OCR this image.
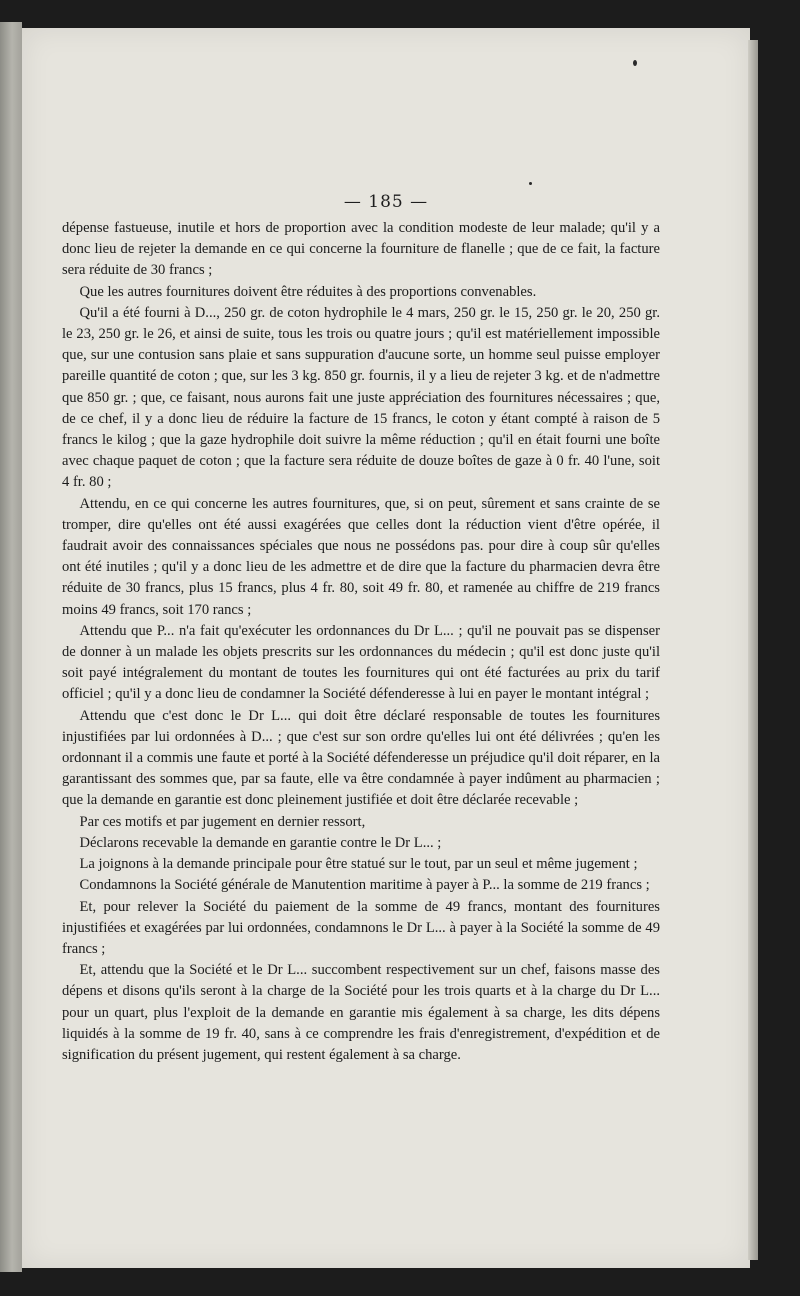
— 185 —

dépense fastueuse, inutile et hors de proportion avec la condition modeste de leur malade; qu'il y a donc lieu de rejeter la demande en ce qui concerne la fourniture de flanelle ; que de ce fait, la facture sera réduite de 30 francs ;

Que les autres fournitures doivent être réduites à des proportions convenables.

Qu'il a été fourni à D..., 250 gr. de coton hydrophile le 4 mars, 250 gr. le 15, 250 gr. le 20, 250 gr. le 23, 250 gr. le 26, et ainsi de suite, tous les trois ou quatre jours ; qu'il est matériellement impossible que, sur une contusion sans plaie et sans suppuration d'aucune sorte, un homme seul puisse employer pareille quantité de coton ; que, sur les 3 kg. 850 gr. fournis, il y a lieu de rejeter 3 kg. et de n'admettre que 850 gr. ; que, ce faisant, nous aurons fait une juste appréciation des fournitures nécessaires ; que, de ce chef, il y a donc lieu de réduire la facture de 15 francs, le coton y étant compté à raison de 5 francs le kilog ; que la gaze hydrophile doit suivre la même réduction ; qu'il en était fourni une boîte avec chaque paquet de coton ; que la facture sera réduite de douze boîtes de gaze à 0 fr. 40 l'une, soit 4 fr. 80 ;

Attendu, en ce qui concerne les autres fournitures, que, si on peut, sûrement et sans crainte de se tromper, dire qu'elles ont été aussi exagérées que celles dont la réduction vient d'être opérée, il faudrait avoir des connaissances spéciales que nous ne possédons pas. pour dire à coup sûr qu'elles ont été inutiles ; qu'il y a donc lieu de les admettre et de dire que la facture du pharmacien devra être réduite de 30 francs, plus 15 francs, plus 4 fr. 80, soit 49 fr. 80, et ramenée au chiffre de 219 francs moins 49 francs, soit 170 rancs ;

Attendu que P... n'a fait qu'exécuter les ordonnances du Dr L... ; qu'il ne pouvait pas se dispenser de donner à un malade les objets prescrits sur les ordonnances du médecin ; qu'il est donc juste qu'il soit payé intégralement du montant de toutes les fournitures qui ont été facturées au prix du tarif officiel ; qu'il y a donc lieu de condamner la Société défenderesse à lui en payer le montant intégral ;

Attendu que c'est donc le Dr L... qui doit être déclaré responsable de toutes les fournitures injustifiées par lui ordonnées à D... ; que c'est sur son ordre qu'elles lui ont été délivrées ; qu'en les ordonnant il a commis une faute et porté à la Société défenderesse un préjudice qu'il doit réparer, en la garantissant des sommes que, par sa faute, elle va être condamnée à payer indûment au pharmacien ; que la demande en garantie est donc pleinement justifiée et doit être déclarée recevable ;

Par ces motifs et par jugement en dernier ressort,

Déclarons recevable la demande en garantie contre le Dr L... ;

La joignons à la demande principale pour être statué sur le tout, par un seul et même jugement ;

Condamnons la Société générale de Manutention maritime à payer à P... la somme de 219 francs ;

Et, pour relever la Société du paiement de la somme de 49 francs, montant des fournitures injustifiées et exagérées par lui ordonnées, condamnons le Dr L... à payer à la Société la somme de 49 francs ;

Et, attendu que la Société et le Dr L... succombent respectivement sur un chef, faisons masse des dépens et disons qu'ils seront à la charge de la Société pour les trois quarts et à la charge du Dr L... pour un quart, plus l'exploit de la demande en garantie mis également à sa charge, les dits dépens liquidés à la somme de 19 fr. 40, sans à ce comprendre les frais d'enregistrement, d'expédition et de signification du présent jugement, qui restent également à sa charge.
